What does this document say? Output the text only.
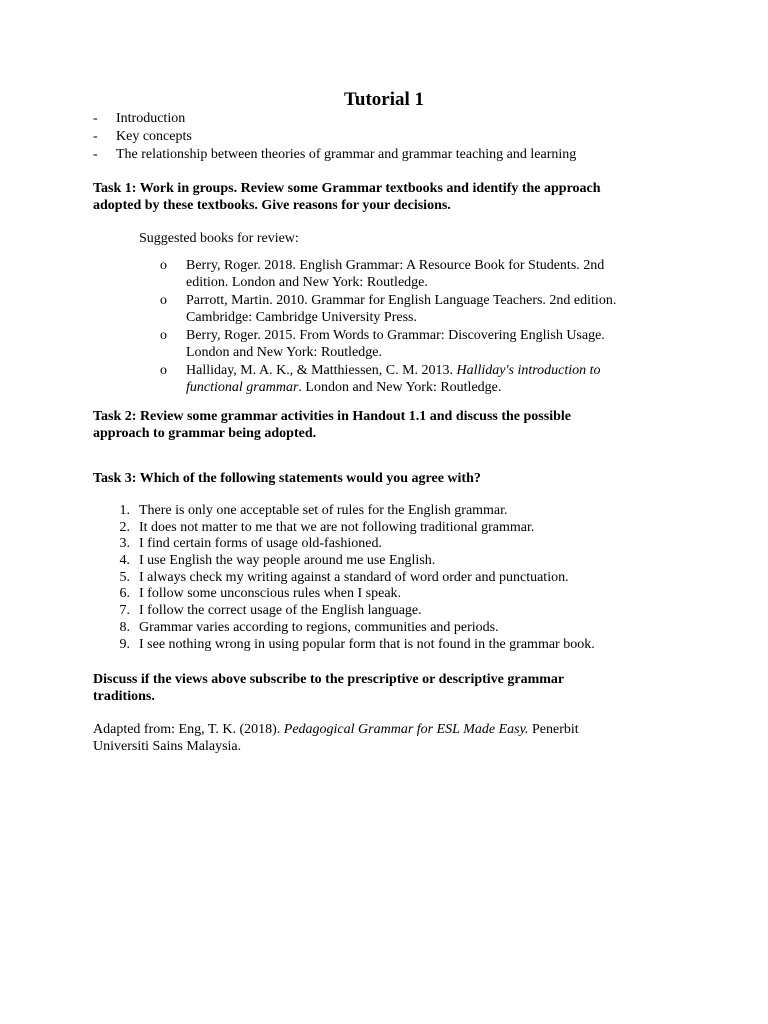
Tutorial 1
- Introduction
- Key concepts
- The relationship between theories of grammar and grammar teaching and learning
Task 1: Work in groups. Review some Grammar textbooks and identify the approach
adopted by these textbooks. Give reasons for your decisions.
Suggested books for review:
o Berry, Roger. 2018. English Grammar: A Resource Book for Students. 2nd
edition. London and New York: Routledge.
o Parrott, Martin. 2010. Grammar for English Language Teachers. 2nd edition.
Cambridge: Cambridge University Press.
o Berry, Roger. 2015. From Words to Grammar: Discovering English Usage.
London and New York: Routledge.
o Halliday, M. A. K., & Matthiessen, C. M. 2013. Halliday's introduction to
functional grammar. London and New York: Routledge.
Task 2: Review some grammar activities in Handout 1.1 and discuss the possible
approach to grammar being adopted.
Task 3: Which of the following statements would you agree with?
1. There is only one acceptable set of rules for the English grammar.
2. It does not matter to me that we are not following traditional grammar.
3. I find certain forms of usage old-fashioned.
4. I use English the way people around me use English.
5. I always check my writing against a standard of word order and punctuation.
6. I follow some unconscious rules when I speak.
7. I follow the correct usage of the English language.
8. Grammar varies according to regions, communities and periods.
9. I see nothing wrong in using popular form that is not found in the grammar book.
Discuss if the views above subscribe to the prescriptive or descriptive grammar
traditions.
Adapted from: Eng, T. K. (2018). Pedagogical Grammar for ESL Made Easy. Penerbit
Universiti Sains Malaysia.
